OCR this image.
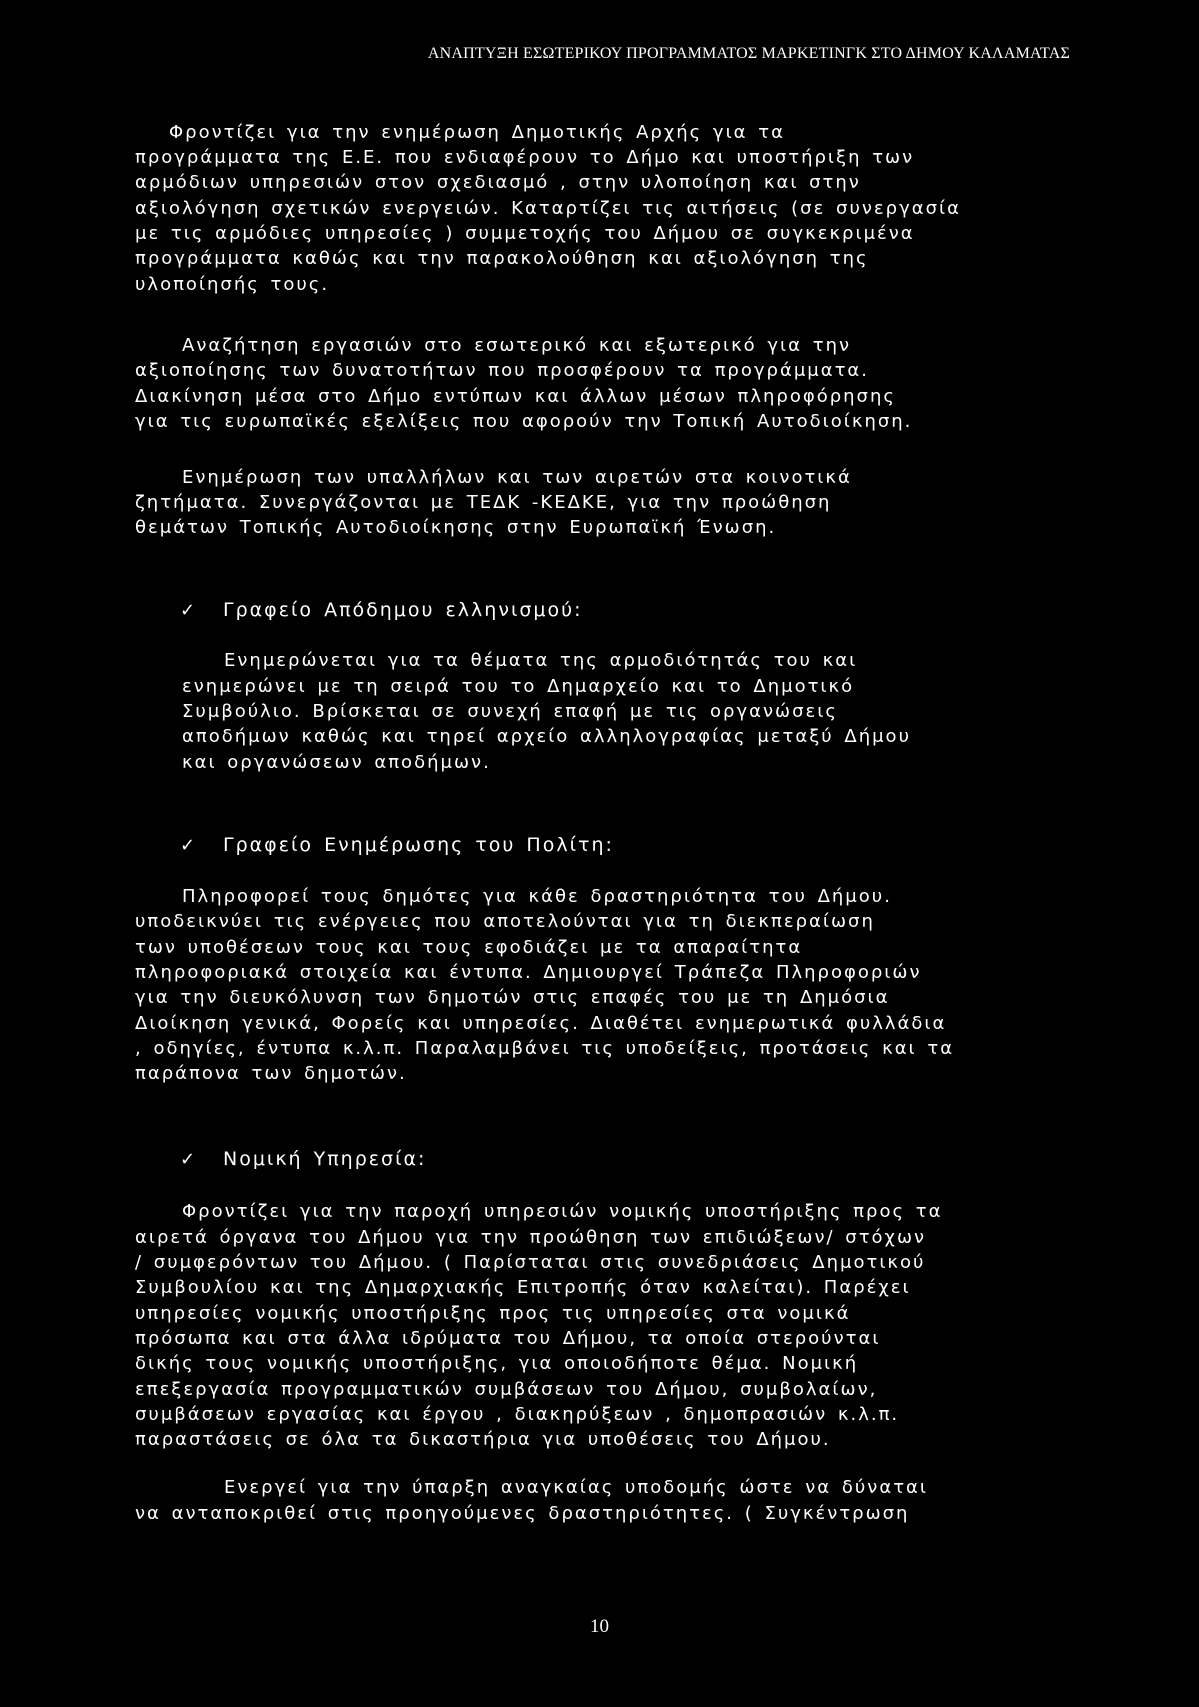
ΑΝΑΠΤΥΞΗ ΕΣΩΤΕΡΙΚΟΥ ΠΡΟΓΡΑΜΜΑΤΟΣ ΜΑΡΚΕΤΙΝΓΚ ΣΤΟ ΔΗΜΟΥ ΚΑΛΑΜΑΤΑΣ
Φροντίζει για την ενημέρωση Δημοτικής Αρχής για τα
προγράμματα της Ε.Ε. που ενδιαφέρουν το Δήμο και υποστήριξη των
αρμόδιων υπηρεσιών στον σχεδιασμό , στην υλοποίηση και στην
αξιολόγηση σχετικών ενεργειών. Καταρτίζει τις αιτήσεις (σε συνεργασία
με τις αρμόδιες υπηρεσίες ) συμμετοχής του Δήμου σε συγκεκριμένα
προγράμματα καθώς και την παρακολούθηση και αξιολόγηση της
υλοποίησής τους.
Αναζήτηση εργασιών στο εσωτερικό και εξωτερικό για την
αξιοποίησης των δυνατοτήτων που προσφέρουν τα προγράμματα.
Διακίνηση μέσα στο Δήμο εντύπων και άλλων μέσων πληροφόρησης
για τις ευρωπαϊκές εξελίξεις που αφορούν την Τοπική Αυτοδιοίκηση.
Ενημέρωση των υπαλλήλων και των αιρετών στα κοινοτικά
ζητήματα. Συνεργάζονται με ΤΕΔΚ -ΚΕΔΚΕ, για την προώθηση
θεμάτων Τοπικής Αυτοδιοίκησης στην Ευρωπαϊκή Ένωση.
✓ Γραφείο Απόδημου ελληνισμού:
Ενημερώνεται για τα θέματα της αρμοδιότητάς του και
ενημερώνει με τη σειρά του το Δημαρχείο και το Δημοτικό
Συμβούλιο. Βρίσκεται σε συνεχή επαφή με τις οργανώσεις
αποδήμων καθώς και τηρεί αρχείο αλληλογραφίας μεταξύ Δήμου
και οργανώσεων αποδήμων.
✓ Γραφείο Ενημέρωσης του Πολίτη:
Πληροφορεί τους δημότες για κάθε δραστηριότητα του Δήμου.
υποδεικνύει τις ενέργειες που αποτελούνται για τη διεκπεραίωση
των υποθέσεων τους και τους εφοδιάζει με τα απαραίτητα
πληροφοριακά στοιχεία και έντυπα. Δημιουργεί Τράπεζα Πληροφοριών
για την διευκόλυνση των δημοτών στις επαφές του με τη Δημόσια
Διοίκηση γενικά, Φορείς και υπηρεσίες. Διαθέτει ενημερωτικά φυλλάδια
, οδηγίες, έντυπα κ.λ.π. Παραλαμβάνει τις υποδείξεις, προτάσεις και τα
παράπονα των δημοτών.
✓ Νομική Υπηρεσία:
Φροντίζει για την παροχή υπηρεσιών νομικής υποστήριξης προς τα
αιρετά όργανα του Δήμου για την προώθηση των επιδιώξεων/ στόχων
/ συμφερόντων του Δήμου. ( Παρίσταται στις συνεδριάσεις Δημοτικού
Συμβουλίου και της Δημαρχιακής Επιτροπής όταν καλείται). Παρέχει
υπηρεσίες νομικής υποστήριξης προς τις υπηρεσίες στα νομικά
πρόσωπα και στα άλλα ιδρύματα του Δήμου, τα οποία στερούνται
δικής τους νομικής υποστήριξης, για οποιοδήποτε θέμα. Νομική
επεξεργασία προγραμματικών συμβάσεων του Δήμου, συμβολαίων,
συμβάσεων εργασίας και έργου , διακηρύξεων , δημοπρασιών κ.λ.π.
παραστάσεις σε όλα τα δικαστήρια για υποθέσεις του Δήμου.
Ενεργεί για την ύπαρξη αναγκαίας υποδομής ώστε να δύναται
να ανταποκριθεί στις προηγούμενες δραστηριότητες. ( Συγκέντρωση
10
